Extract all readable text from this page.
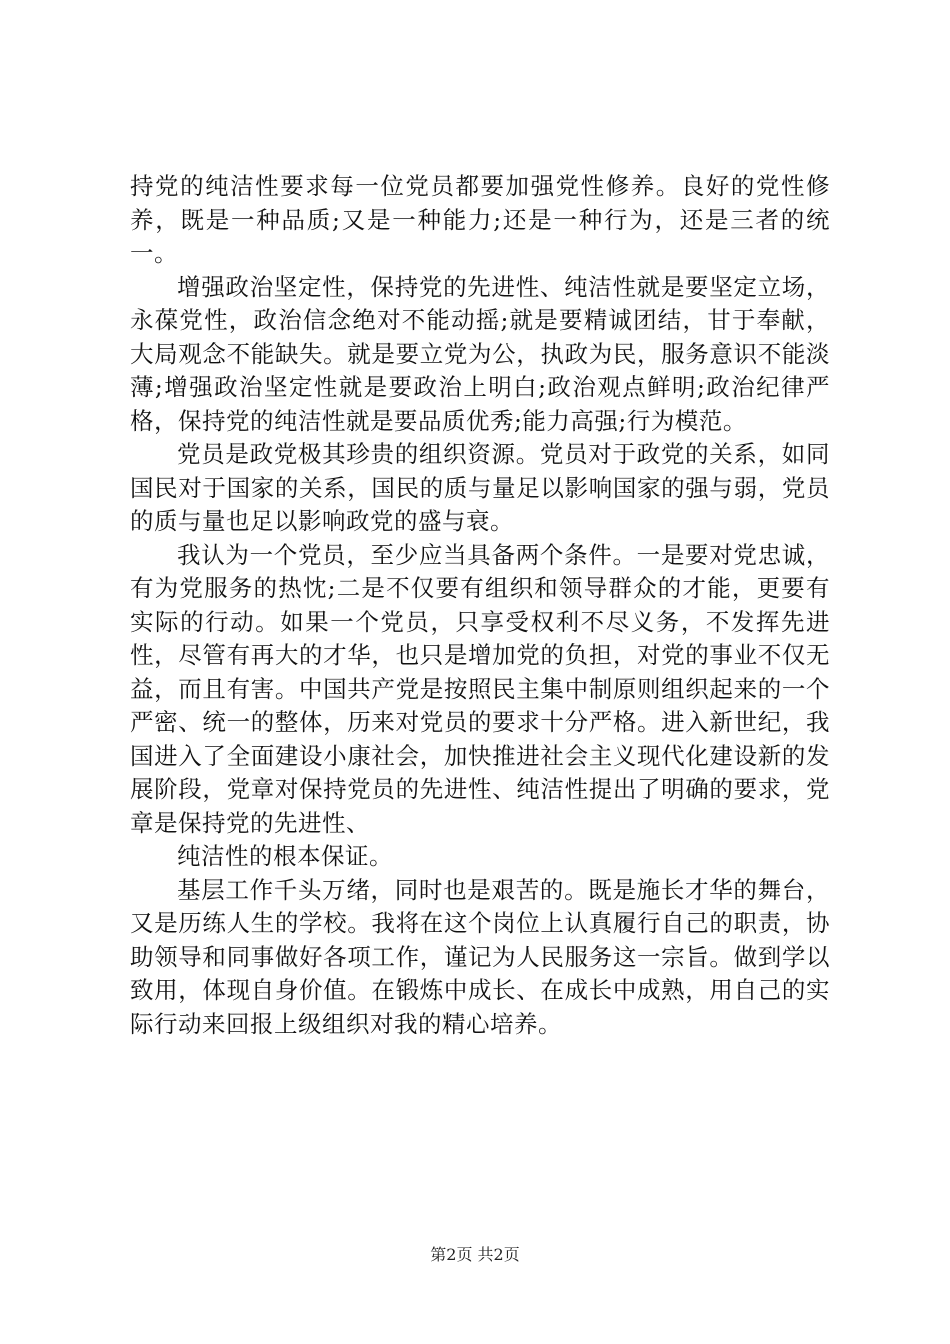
持党的纯洁性要求每一位党员都要加强党性修养。良好的党性修养，既是一种品质;又是一种能力;还是一种行为，还是三者的统一。

增强政治坚定性，保持党的先进性、纯洁性就是要坚定立场，永葆党性，政治信念绝对不能动摇;就是要精诚团结，甘于奉献，大局观念不能缺失。就是要立党为公，执政为民，服务意识不能淡薄;增强政治坚定性就是要政治上明白;政治观点鲜明;政治纪律严格，保持党的纯洁性就是要品质优秀;能力高强;行为模范。

党员是政党极其珍贵的组织资源。党员对于政党的关系，如同国民对于国家的关系，国民的质与量足以影响国家的强与弱，党员的质与量也足以影响政党的盛与衰。

我认为一个党员，至少应当具备两个条件。一是要对党忠诚，有为党服务的热忱;二是不仅要有组织和领导群众的才能，更要有实际的行动。如果一个党员，只享受权利不尽义务，不发挥先进性，尽管有再大的才华，也只是增加党的负担，对党的事业不仅无益，而且有害。中国共产党是按照民主集中制原则组织起来的一个严密、统一的整体，历来对党员的要求十分严格。进入新世纪，我国进入了全面建设小康社会，加快推进社会主义现代化建设新的发展阶段，党章对保持党员的先进性、纯洁性提出了明确的要求，党章是保持党的先进性、

纯洁性的根本保证。

基层工作千头万绪，同时也是艰苦的。既是施长才华的舞台，又是历练人生的学校。我将在这个岗位上认真履行自己的职责，协助领导和同事做好各项工作，谨记为人民服务这一宗旨。做到学以致用，体现自身价值。在锻炼中成长、在成长中成熟，用自己的实际行动来回报上级组织对我的精心培养。

第2页 共2页
